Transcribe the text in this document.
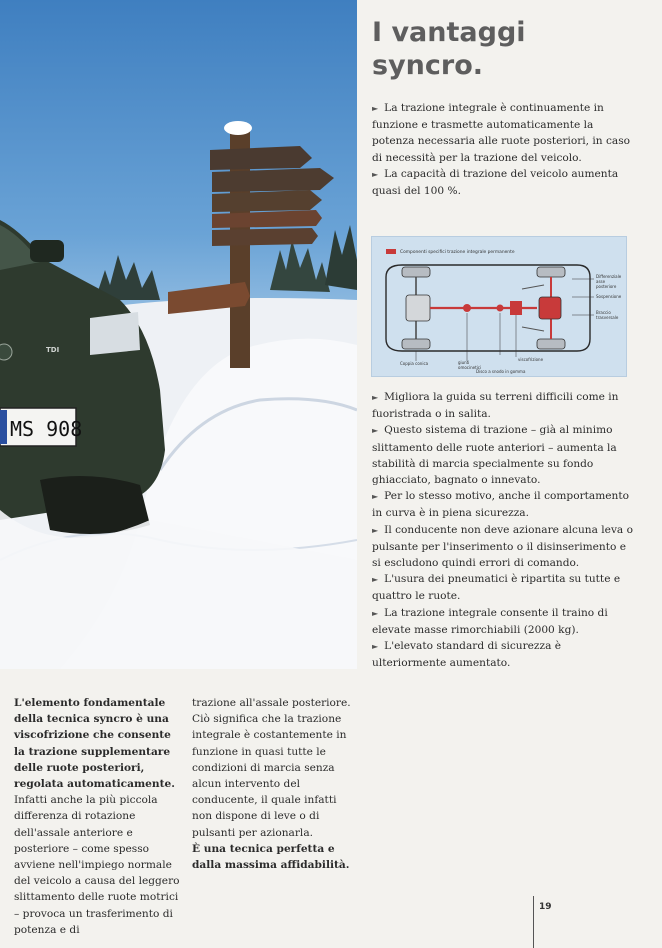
MS 908
TDI
I vantaggi
syncro.

► La trazione integrale è continuamente in funzione e trasmette automaticamente la potenza necessaria alle ruote posteriori, in caso di necessità per la trazione del veicolo.

► La capacità di trazione del veicolo aumenta quasi del 100 %.

Componenti specifici trazione integrale permanente
Differenziale
asse
posteriore
Sospensione
Braccio
trasversale
Coppia conica	giunti
omocinetici
viscofrizione
Disco a snodo in gomma

► Migliora la guida su terreni difficili come in fuoristrada o in salita.

► Questo sistema di trazione – già al minimo slittamento delle ruote anteriori – aumenta la stabilità di marcia specialmente su fondo ghiacciato, bagnato o innevato.

► Per lo stesso motivo, anche il comportamento in curva è in piena sicurezza.

► Il conducente non deve azionare alcuna leva o pulsante per l'inserimento o il disinserimento e si escludono quindi errori di comando.

► L'usura dei pneumatici è ripartita su tutte e quattro le ruote.

► La trazione integrale consente il traino di elevate masse rimorchiabili (2000 kg).

► L'elevato standard di sicurezza è ulteriormente aumentato.

L'elemento fondamentale della tecnica syncro è una viscofrizione che consente la trazione supplementare delle ruote posteriori, regolata automaticamente.

Infatti anche la più piccola differenza di rotazione dell'assale anteriore e posteriore – come spesso avviene nell'impiego normale del veicolo a causa del leggero slittamento delle ruote motrici – provoca un trasferimento di potenza e di

trazione all'assale posteriore. Ciò significa che la trazione integrale è costantemente in funzione in quasi tutte le condizioni di marcia senza alcun intervento del conducente, il quale infatti non dispone di leve o di pulsanti per azionarla.

È una tecnica perfetta e dalla massima affidabilità.

19
